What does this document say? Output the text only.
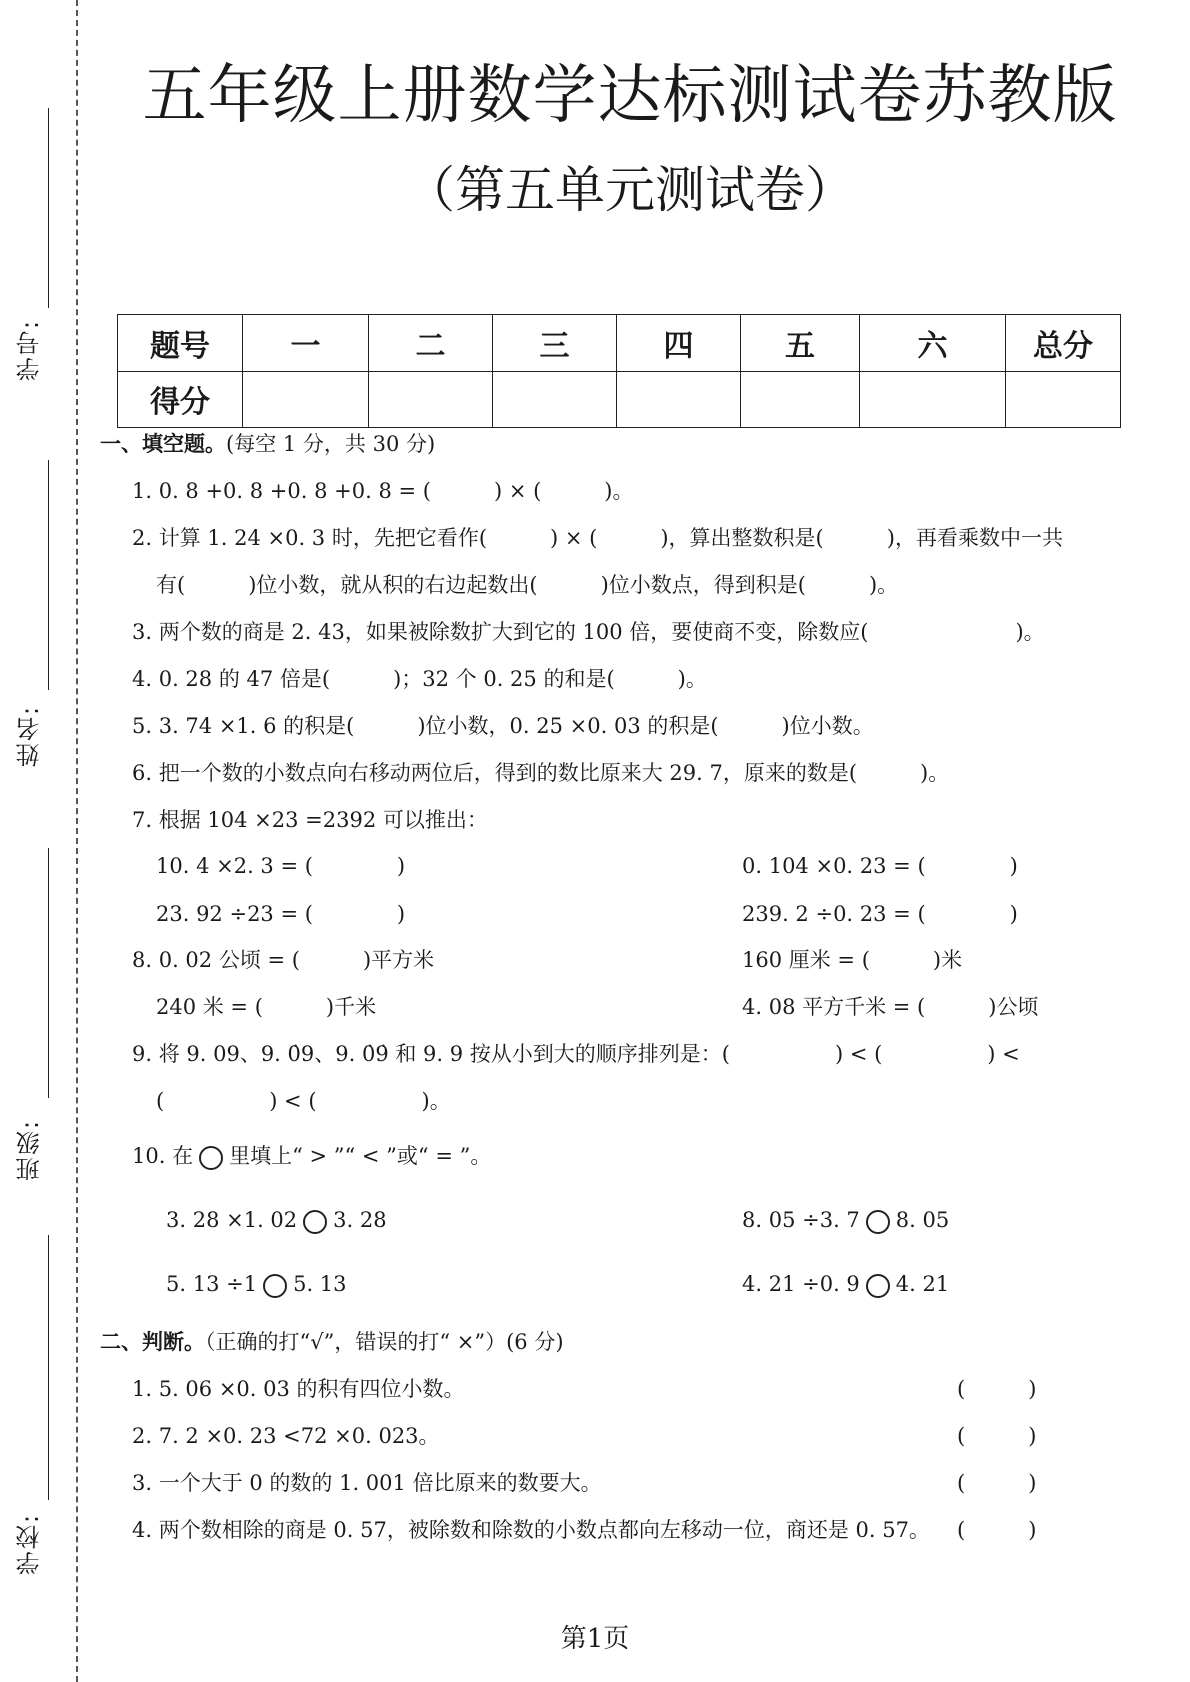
学号:
姓名:
班级:
学校:
五年级上册数学达标测试卷苏教版
（第五单元测试卷）
题号	一	二	三	四	五	六	总分
得分							
一、填空题。(每空 1 分，共 30 分)
1. 0. 8 +0. 8 +0. 8 +0. 8 = (　　　) × (　　　)。
2. 计算 1. 24 ×0. 3 时，先把它看作(　　　) × (　　　)，算出整数积是(　　　)，再看乘数中一共
有(　　　)位小数，就从积的右边起数出(　　　)位小数点，得到积是(　　　)。
3. 两个数的商是 2. 43，如果被除数扩大到它的 100 倍，要使商不变，除数应(　　　　　　　)。
4. 0. 28 的 47 倍是(　　　)；32 个 0. 25 的和是(　　　)。
5. 3. 74 ×1. 6 的积是(　　　)位小数，0. 25 ×0. 03 的积是(　　　)位小数。
6. 把一个数的小数点向右移动两位后，得到的数比原来大 29. 7，原来的数是(　　　)。
7. 根据 104 ×23 =2392 可以推出：
10. 4 ×2. 3 = (　　　　)	0. 104 ×0. 23 = (　　　　)
23. 92 ÷23 = (　　　　)	239. 2 ÷0. 23 = (　　　　)
8. 0. 02 公顷 = (　　　)平方米	160 厘米 = (　　　)米
240 米 = (　　　)千米	4. 08 平方千米 = (　　　)公顷
9. 将 9. 09、9. 0̇9、9. 0̇9̇ 和 9. 9 按从小到大的顺序排列是：(　　　　　) < (　　　　　) <
(　　　　　) < (　　　　　)。
10. 在 里填上“ > ”“ < ”或“ = ”。
3. 28 ×1. 02 3. 28	8. 05 ÷3. 7 8. 05
5. 13 ÷1 5. 13	4. 21 ÷0. 9 4. 21
二、判断。（正确的打“√”，错误的打“ ×”）(6 分)
1. 5. 06 ×0. 03 的积有四位小数。	(　　　)
2. 7. 2 ×0. 23 <72 ×0. 023。	(　　　)
3. 一个大于 0 的数的 1. 001 倍比原来的数要大。	(　　　)
4. 两个数相除的商是 0. 57，被除数和除数的小数点都向左移动一位，商还是 0. 57。 (　　　)
第1页
